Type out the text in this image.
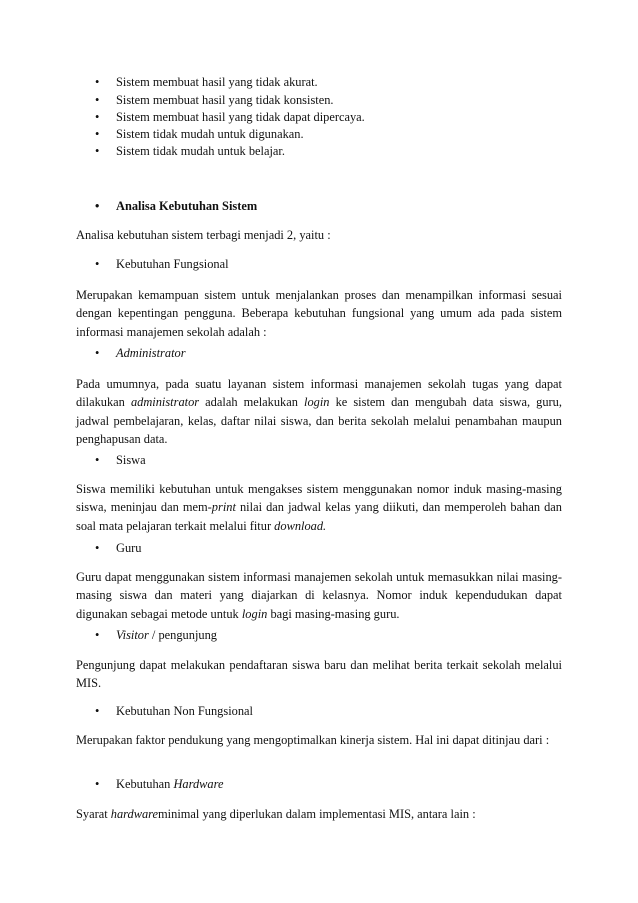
•	Sistem membuat hasil yang tidak akurat.
•	Sistem membuat hasil yang tidak konsisten.
•	Sistem membuat hasil yang tidak dapat dipercaya.
•	Sistem tidak mudah untuk digunakan.
•	Sistem tidak mudah untuk belajar.
•	Analisa Kebutuhan Sistem

Analisa kebutuhan sistem terbagi menjadi 2, yaitu :

•	Kebutuhan Fungsional

Merupakan kemampuan sistem untuk menjalankan proses dan menampilkan informasi sesuai dengan kepentingan pengguna. Beberapa kebutuhan fungsional yang umum ada pada sistem informasi manajemen sekolah adalah :

•	Administrator

Pada umumnya, pada suatu layanan sistem informasi manajemen sekolah tugas yang dapat dilakukan administrator adalah melakukan login ke sistem dan mengubah data siswa, guru, jadwal pembelajaran, kelas, daftar nilai siswa, dan berita sekolah melalui penambahan maupun penghapusan data.

•	Siswa

Siswa memiliki kebutuhan untuk mengakses sistem menggunakan nomor induk masing-masing siswa, meninjau dan mem-print nilai dan jadwal kelas yang diikuti, dan memperoleh bahan dan soal mata pelajaran terkait melalui fitur download.

•	Guru

Guru dapat menggunakan sistem informasi manajemen sekolah untuk memasukkan nilai masing-masing siswa dan materi yang diajarkan di kelasnya. Nomor induk kependudukan dapat digunakan sebagai metode untuk login bagi masing-masing guru.

•	Visitor / pengunjung

Pengunjung dapat melakukan pendaftaran siswa baru dan melihat berita terkait sekolah melalui MIS.

•	Kebutuhan Non Fungsional

Merupakan faktor pendukung yang mengoptimalkan kinerja sistem. Hal ini dapat ditinjau dari :

•	Kebutuhan Hardware

Syarat hardwareminimal yang diperlukan dalam implementasi MIS, antara lain :
